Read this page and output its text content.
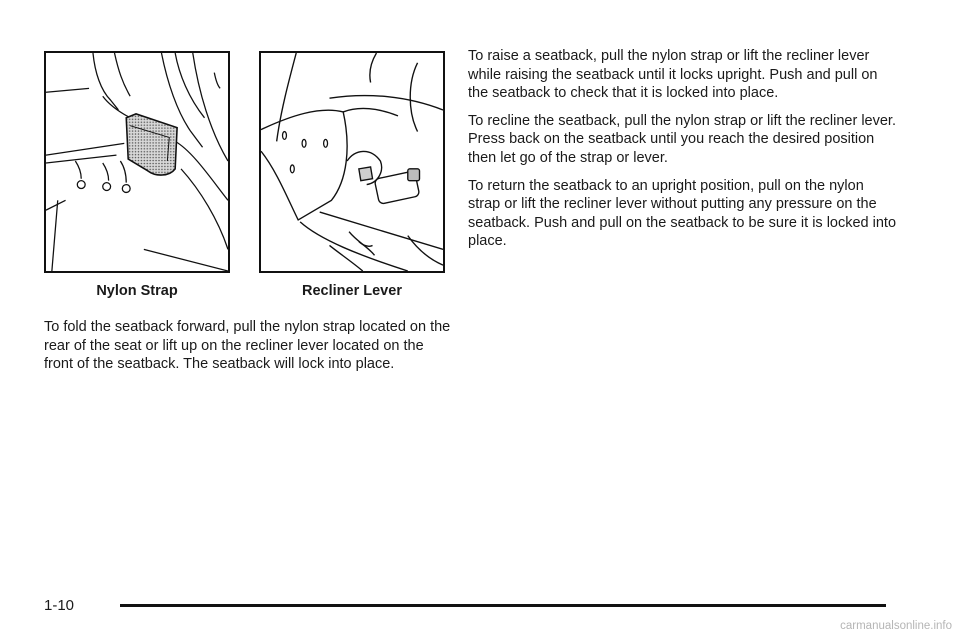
Nylon Strap	Recliner Lever

To fold the seatback forward, pull the nylon strap located on the rear of the seat or lift up on the recliner lever located on the front of the seatback. The seatback will lock into place.

To raise a seatback, pull the nylon strap or lift the recliner lever while raising the seatback until it locks upright. Push and pull on the seatback to check that it is locked into place.

To recline the seatback, pull the nylon strap or lift the recliner lever. Press back on the seatback until you reach the desired position then let go of the strap or lever.

To return the seatback to an upright position, pull on the nylon strap or lift the recliner lever without putting any pressure on the seatback. Push and pull on the seatback to be sure it is locked into place.

1-10
carmanualsonline.info
